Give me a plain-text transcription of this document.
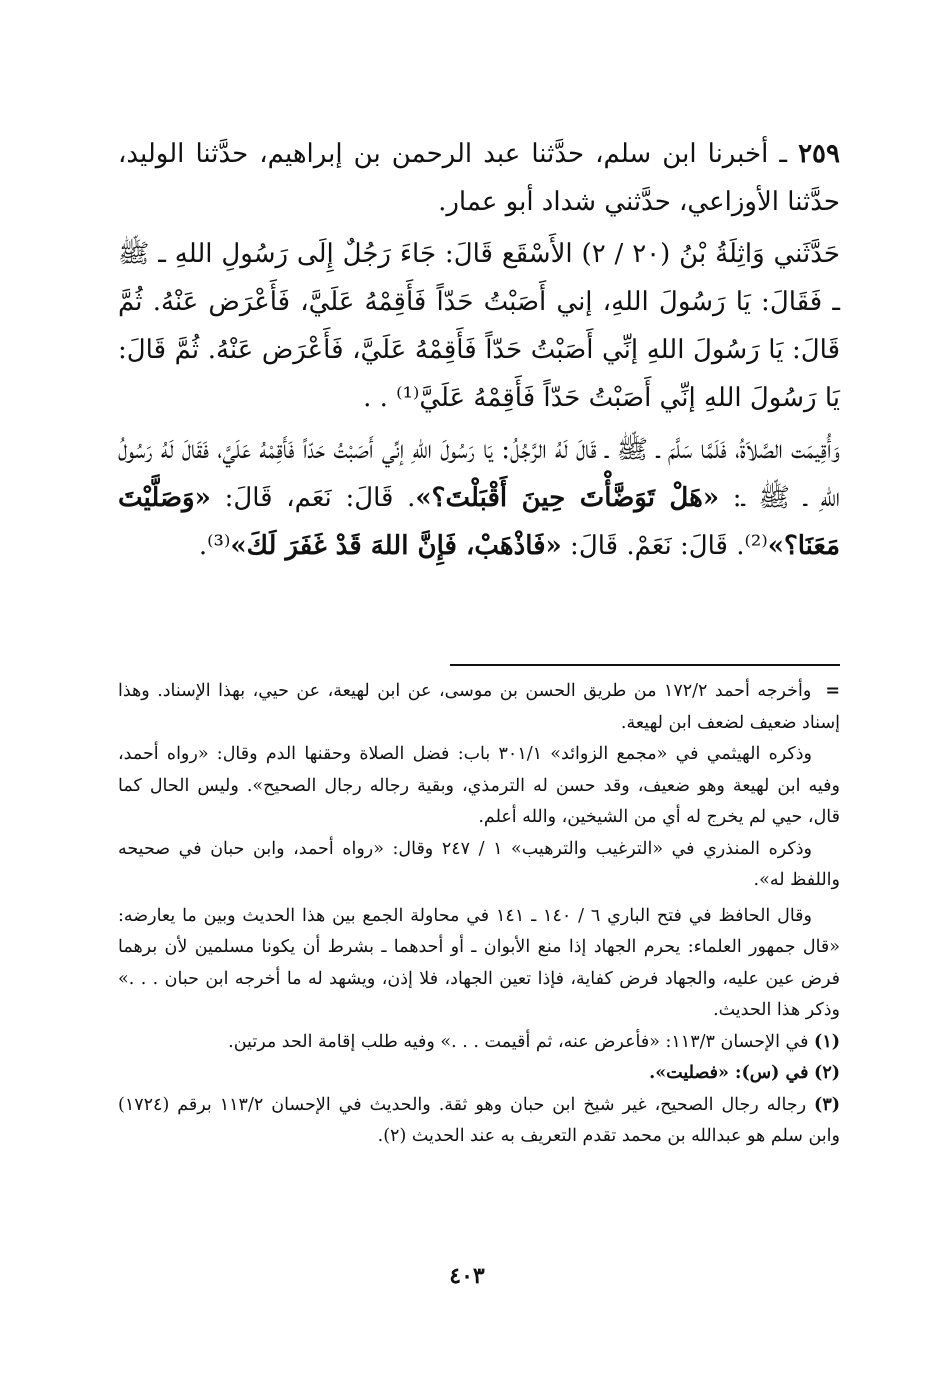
٢٥٩ ـ أخبرنا ابن سلم، حدَّثنا عبد الرحمن بن إبراهيم، حدَّثنا الوليد، حدَّثنا الأوزاعي، حدَّثني شداد أبو عمار.

حَدَّثَني وَاثِلَةُ بْنُ (٢٠ / ٢) الأَسْقَع قَالَ: جَاءَ رَجُلٌ إِلَى رَسُولِ اللهِ ـ ﷺ ـ فَقَالَ: يَا رَسُولَ اللهِ، إني أَصَبْتُ حَدّاً فَأَقِمْهُ عَلَيَّ، فَأَعْرَض عَنْهُ. ثُمَّ قَالَ: يَا رَسُولَ اللهِ إنِّي أَصَبْتُ حَدّاً فَأَقِمْهُ عَلَيَّ، فَأَعْرَض عَنْهُ. ثُمَّ قَالَ: يَا رَسُولَ اللهِ إنِّي أَصَبْتُ حَدّاً فَأَقِمْهُ عَلَيَّ⁽¹⁾ . .

وَأُقِيمَت الصَّلاَةُ، فَلَمَّا سَلَّمَ ـ ﷺ ـ قَالَ لَهُ الرَّجُلُ: يَا رَسُولَ اللهِ إنِّي أَصَبْتُ حَدّاً فَأَقِمْهُ عَلَيَّ، فَقَالَ لَهُ رَسُولُ اللهِ ـ ﷺ ـ: «هَلْ تَوَضَّأْتَ حِينَ أَقْبَلْتَ؟». قَالَ: نَعَم، قَالَ: «وَصَلَّيْتَ مَعَنَا؟»⁽²⁾. قَالَ: نَعَمْ. قَالَ: «فَاذْهَبْ، فَإِنَّ اللهَ قَدْ غَفَرَ لَكَ»⁽³⁾.

=وأخرجه أحمد ١٧٢/٢ من طريق الحسن بن موسى، عن ابن لهيعة، عن حيي، بهذا الإسناد. وهذا إسناد ضعيف لضعف ابن لهيعة.

وذكره الهيثمي في «مجمع الزوائد» ٣٠١/١ باب: فضل الصلاة وحقنها الدم وقال: «رواه أحمد، وفيه ابن لهيعة وهو ضعيف، وقد حسن له الترمذي، وبقية رجاله رجال الصحيح». وليس الحال كما قال، حيي لم يخرج له أي من الشيخين، والله أعلم.

وذكره المنذري في «الترغيب والترهيب» ١ / ٢٤٧ وقال: «رواه أحمد، وابن حبان في صحيحه واللفظ له».

وقال الحافظ في فتح الباري ٦ / ١٤٠ ـ ١٤١ في محاولة الجمع بين هذا الحديث وبين ما يعارضه: «قال جمهور العلماء: يحرم الجهاد إذا منع الأبوان ـ أو أحدهما ـ بشرط أن يكونا مسلمين لأن برهما فرض عين عليه، والجهاد فرض كفاية، فإذا تعين الجهاد، فلا إذن، ويشهد له ما أخرجه ابن حبان . . .» وذكر هذا الحديث.

(١) في الإحسان ١١٣/٣: «فأعرض عنه، ثم أقيمت . . .» وفيه طلب إقامة الحد مرتين.

(٢) في (س): «فصليت».

(٣) رجاله رجال الصحيح، غير شيخ ابن حبان وهو ثقة. والحديث في الإحسان ١١٣/٢ برقم (١٧٢٤) وابن سلم هو عبدالله بن محمد تقدم التعريف به عند الحديث (٢).

٤٠٣
